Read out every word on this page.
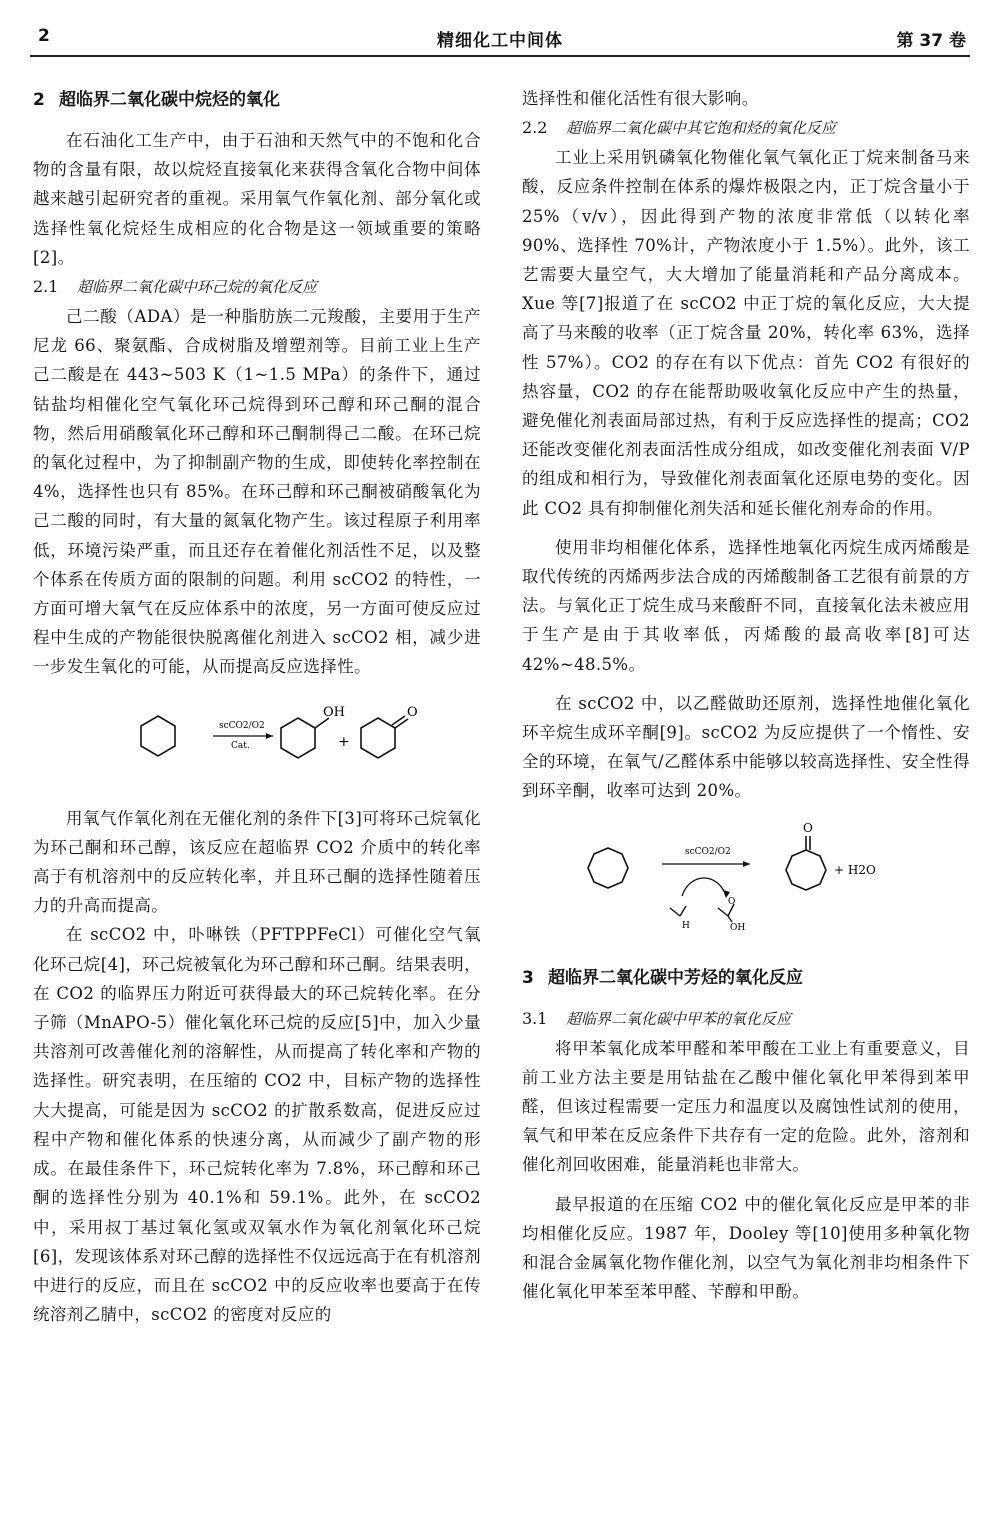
2	精细化工中间体	第 37 卷
2 超临界二氧化碳中烷烃的氧化

在石油化工生产中，由于石油和天然气中的不饱和化合物的含量有限，故以烷烃直接氧化来获得含氧化合物中间体越来越引起研究者的重视。采用氧气作氧化剂、部分氧化或选择性氧化烷烃生成相应的化合物是这一领域重要的策略[2]。

2.1 超临界二氧化碳中环己烷的氧化反应

己二酸（ADA）是一种脂肪族二元羧酸，主要用于生产尼龙 66、聚氨酯、合成树脂及增塑剂等。目前工业上生产己二酸是在 443~503 K（1~1.5 MPa）的条件下，通过钴盐均相催化空气氧化环己烷得到环己醇和环己酮的混合物，然后用硝酸氧化环己醇和环己酮制得己二酸。在环己烷的氧化过程中，为了抑制副产物的生成，即使转化率控制在 4%，选择性也只有 85%。在环己醇和环己酮被硝酸氧化为己二酸的同时，有大量的氮氧化物产生。该过程原子利用率低，环境污染严重，而且还存在着催化剂活性不足，以及整个体系在传质方面的限制的问题。利用 scCO2 的特性，一方面可增大氧气在反应体系中的浓度，另一方面可使反应过程中生成的产物能很快脱离催化剂进入 scCO2 相，减少进一步发生氧化的可能，从而提高反应选择性。

scCO2/O2
Cat.
OH
+
O

用氧气作氧化剂在无催化剂的条件下[3]可将环己烷氧化为环己酮和环己醇，该反应在超临界 CO2 介质中的转化率高于有机溶剂中的反应转化率，并且环己酮的选择性随着压力的升高而提高。

在 scCO2 中，卟啉铁（PFTPPFeCl）可催化空气氧化环己烷[4]，环己烷被氧化为环己醇和环己酮。结果表明，在 CO2 的临界压力附近可获得最大的环己烷转化率。在分子筛（MnAPO-5）催化氧化环己烷的反应[5]中，加入少量共溶剂可改善催化剂的溶解性，从而提高了转化率和产物的选择性。研究表明，在压缩的 CO2 中，目标产物的选择性大大提高，可能是因为 scCO2 的扩散系数高，促进反应过程中产物和催化体系的快速分离，从而减少了副产物的形成。在最佳条件下，环己烷转化率为 7.8%，环己醇和环己酮的选择性分别为 40.1%和 59.1%。此外，在 scCO2 中，采用叔丁基过氧化氢或双氧水作为氧化剂氧化环己烷[6]，发现该体系对环己醇的选择性不仅远远高于在有机溶剂中进行的反应，而且在 scCO2 中的反应收率也要高于在传统溶剂乙腈中，scCO2 的密度对反应的

选择性和催化活性有很大影响。

2.2 超临界二氧化碳中其它饱和烃的氧化反应

工业上采用钒磷氧化物催化氧气氧化正丁烷来制备马来酸，反应条件控制在体系的爆炸极限之内，正丁烷含量小于 25%（v/v），因此得到产物的浓度非常低（以转化率 90%、选择性 70%计，产物浓度小于 1.5%）。此外，该工艺需要大量空气，大大增加了能量消耗和产品分离成本。Xue 等[7]报道了在 scCO2 中正丁烷的氧化反应，大大提高了马来酸的收率（正丁烷含量 20%，转化率 63%，选择性 57%）。CO2 的存在有以下优点：首先 CO2 有很好的热容量，CO2 的存在能帮助吸收氧化反应中产生的热量，避免催化剂表面局部过热，有利于反应选择性的提高；CO2 还能改变催化剂表面活性成分组成，如改变催化剂表面 V/P 的组成和相行为，导致催化剂表面氧化还原电势的变化。因此 CO2 具有抑制催化剂失活和延长催化剂寿命的作用。

使用非均相催化体系，选择性地氧化丙烷生成丙烯酸是取代传统的丙烯两步法合成的丙烯酸制备工艺很有前景的方法。与氧化正丁烷生成马来酸酐不同，直接氧化法未被应用于生产是由于其收率低，丙烯酸的最高收率[8]可达 42%~48.5%。

在 scCO2 中，以乙醛做助还原剂，选择性地催化氧化环辛烷生成环辛酮[9]。scCO2 为反应提供了一个惰性、安全的环境，在氧气/乙醛体系中能够以较高选择性、安全性得到环辛酮，收率可达到 20%。

scCO2/O2
H
O
OH
O
+ H2O
3 超临界二氧化碳中芳烃的氧化反应
3.1 超临界二氧化碳中甲苯的氧化反应

将甲苯氧化成苯甲醛和苯甲酸在工业上有重要意义，目前工业方法主要是用钴盐在乙酸中催化氧化甲苯得到苯甲醛，但该过程需要一定压力和温度以及腐蚀性试剂的使用，氧气和甲苯在反应条件下共存有一定的危险。此外，溶剂和催化剂回收困难，能量消耗也非常大。

最早报道的在压缩 CO2 中的催化氧化反应是甲苯的非均相催化反应。1987 年，Dooley 等[10]使用多种氧化物和混合金属氧化物作催化剂，以空气为氧化剂非均相条件下催化氧化甲苯至苯甲醛、苄醇和甲酚。
